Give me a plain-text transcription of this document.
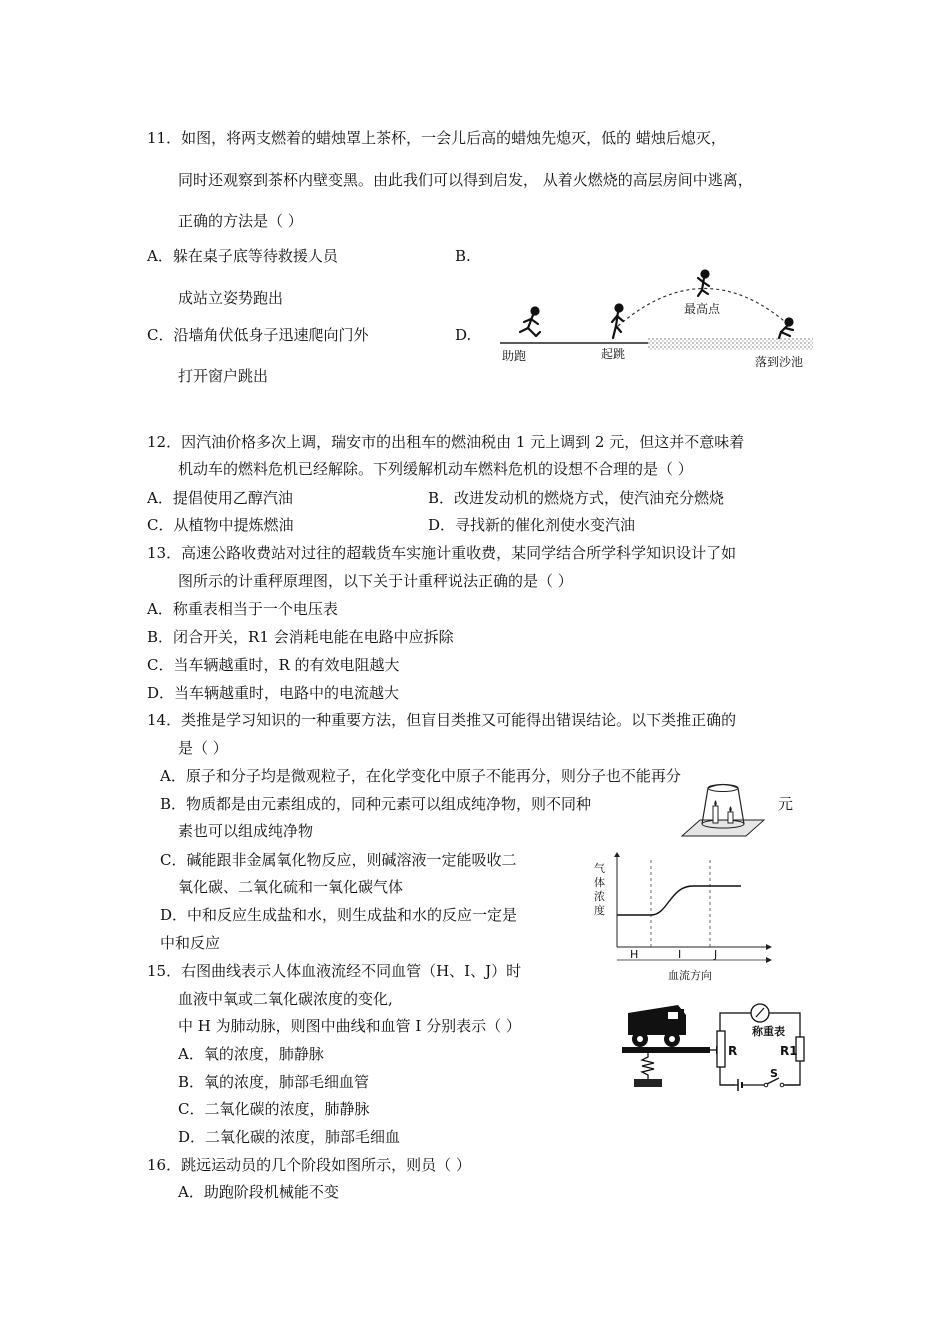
11．如图，将两支燃着的蜡烛罩上茶杯，一会儿后高的蜡烛先熄灭，低的 蜡烛后熄灭，
同时还观察到茶杯内壁变黑。由此我们可以得到启发， 从着火燃烧的高层房间中逃离，
正确的方法是（ ）
A．躲在桌子底等待救援人员	B.
成站立姿势跑出
C．沿墙角伏低身子迅速爬向门外	D.
打开窗户跳出
助跑	起跳
最高点
落到沙池
12．因汽油价格多次上调，瑞安市的出租车的燃油税由 1 元上调到 2 元，但这并不意味着
机动车的燃料危机已经解除。下列缓解机动车燃料危机的设想不合理的是（ ）
A．提倡使用乙醇汽油	B．改进发动机的燃烧方式，使汽油充分燃烧
C．从植物中提炼燃油	D．寻找新的催化剂使水变汽油
13．高速公路收费站对过往的超载货车实施计重收费，某同学结合所学科学知识设计了如
图所示的计重秤原理图，以下关于计重秤说法正确的是（ ）
A．称重表相当于一个电压表
B．闭合开关，R1 会消耗电能在电路中应拆除
C．当车辆越重时，R 的有效电阻越大
D．当车辆越重时，电路中的电流越大
14．类推是学习知识的一种重要方法，但盲目类推又可能得出错误结论。以下类推正确的
是（ ）
A．原子和分子均是微观粒子，在化学变化中原子不能再分，则分子也不能再分
B．物质都是由元素组成的，同种元素可以组成纯净物，则不同种	元
素也可以组成纯净物
C．碱能跟非金属氧化物反应，则碱溶液一定能吸收二
氧化碳、二氧化硫和一氧化碳气体
D．中和反应生成盐和水，则生成盐和水的反应一定是
中和反应
气
体
浓
度
H	I	J
血流方向
15．右图曲线表示人体血液流经不同血管（H、I、J）时
血液中氧或二氧化碳浓度的变化,
中 H 为肺动脉，则图中曲线和血管 I 分别表示（ ）
A．氧的浓度，肺静脉
B．氧的浓度，肺部毛细血管
C．二氧化碳的浓度，肺静脉
D．二氧化碳的浓度，肺部毛细血
称重表
R	R1
S
16．跳远运动员的几个阶段如图所示，则员（ ）
A．助跑阶段机械能不变
